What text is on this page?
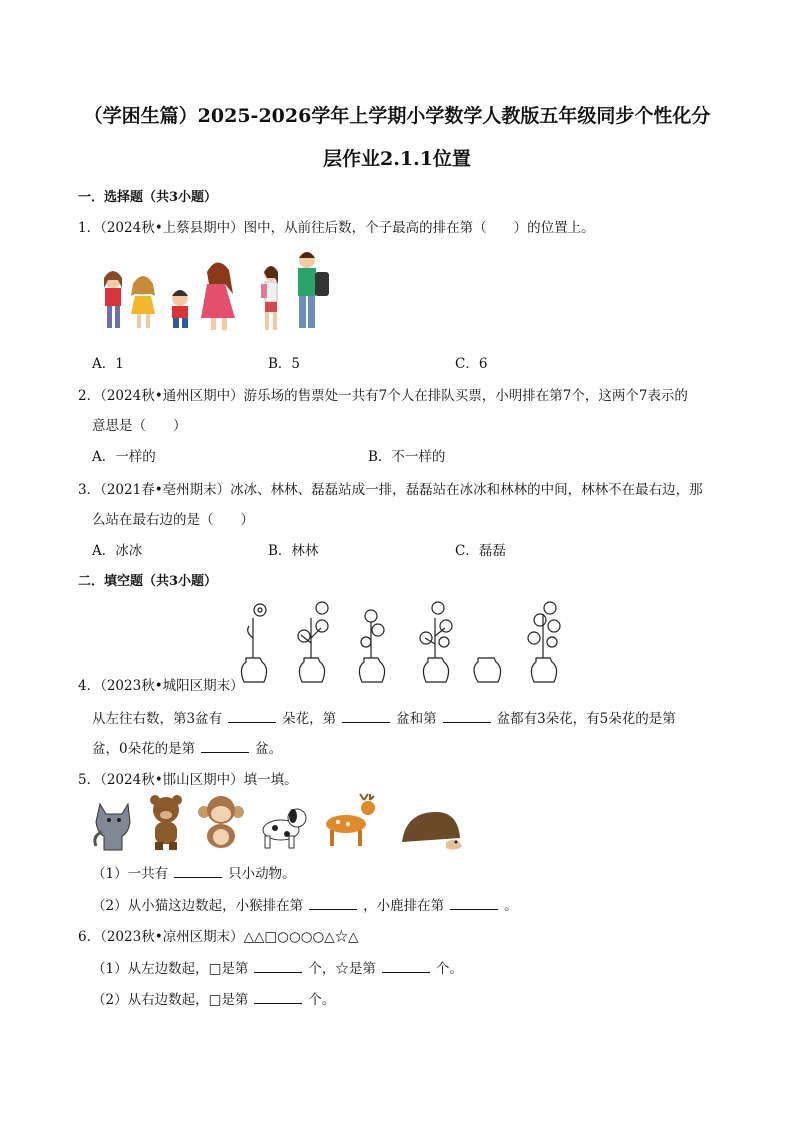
（学困生篇）2025-2026学年上学期小学数学人教版五年级同步个性化分
层作业2.1.1位置
一．选择题（共3小题）
1．（2024秋•上蔡县期中）图中，从前往后数，个子最高的排在第（　　）的位置上。
A．1	B．5	C．6
2．（2024秋•通州区期中）游乐场的售票处一共有7个人在排队买票，小明排在第7个，这两个7表示的
意思是（　　）
A．一样的	B．不一样的
3．（2021春•亳州期末）冰冰、林林、磊磊站成一排，磊磊站在冰冰和林林的中间，林林不在最右边，那
么站在最右边的是（　　）
A．冰冰	B．林林	C．磊磊
二．填空题（共3小题）
4．（2023秋•城阳区期末）
从左往右数，第3盆有	朵花，第	盆和第	盆都有3朵花，有5朵花的是第
盆，0朵花的是第	盆。
5．（2024秋•邯山区期中）填一填。
（1）一共有	只小动物。
（2）从小猫这边数起，小猴排在第	，小鹿排在第	。
6．（2023秋•凉州区期末）△△□○○○○△☆△
（1）从左边数起，□是第	个，☆是第	个。
（2）从右边数起，□是第	个。
